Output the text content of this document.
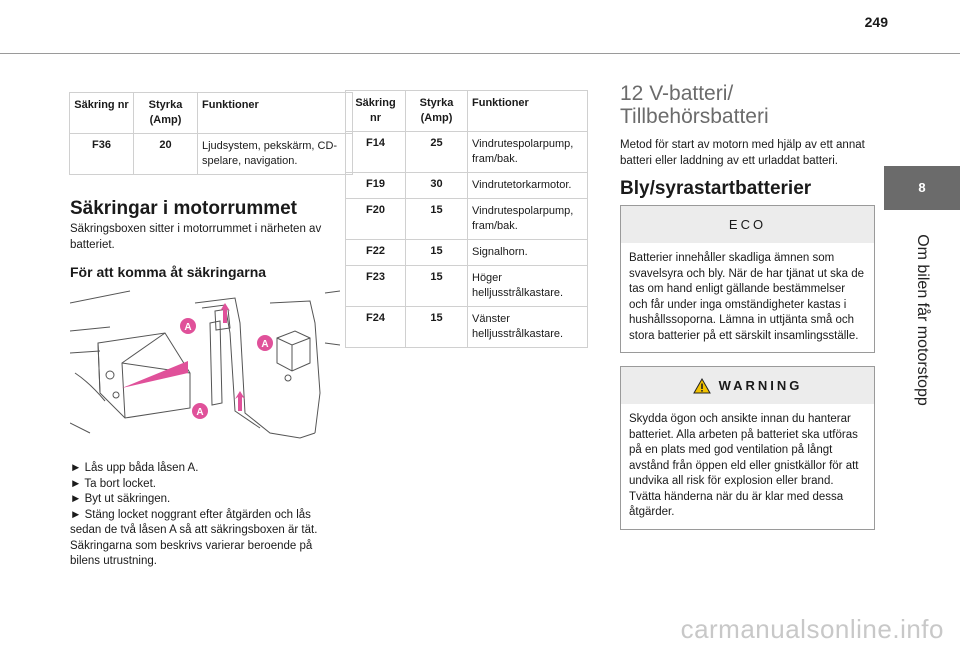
249
8
Om bilen får motorstopp
Säkring nr	Styrka (Amp)	Funktioner
F36	20	Ljudsystem, pekskärm, CD-spelare, navigation.
Säkringar i motorrummet
Säkringsboxen sitter i motorrummet i närheten av batteriet.
För att komma åt säkringarna
A
A
A
► Lås upp båda låsen A.
► Ta bort locket.
► Byt ut säkringen.
► Stäng locket noggrant efter åtgärden och lås sedan de två låsen A så att säkringsboxen är tät.
Säkringarna som beskrivs varierar beroende på bilens utrustning.
Säkring nr	Styrka (Amp)	Funktioner
F14	25	Vindrutespolarpump, fram/bak.
F19	30	Vindrutetorkarmotor.
F20	15	Vindrutespolarpump, fram/bak.
F22	15	Signalhorn.
F23	15	Höger helljusstrålkastare.
F24	15	Vänster helljusstrålkastare.
12 V-batteri/ Tillbehörsbatteri
Metod för start av motorn med hjälp av ett annat batteri eller laddning av ett urladdat batteri.
Bly/syrastartbatterier
ECO
Batterier innehåller skadliga ämnen som svavelsyra och bly. När de har tjänat ut ska de tas om hand enligt gällande bestämmelser och får under inga omständigheter kastas i hushållssoporna. Lämna in uttjänta små och stora batterier på ett särskilt insamlingsställe.
WARNING
Skydda ögon och ansikte innan du hanterar batteriet. Alla arbeten på batteriet ska utföras på en plats med god ventilation på långt avstånd från öppen eld eller gnistkällor för att undvika all risk för explosion eller brand. Tvätta händerna när du är klar med dessa åtgärder.
carmanualsonline.info
